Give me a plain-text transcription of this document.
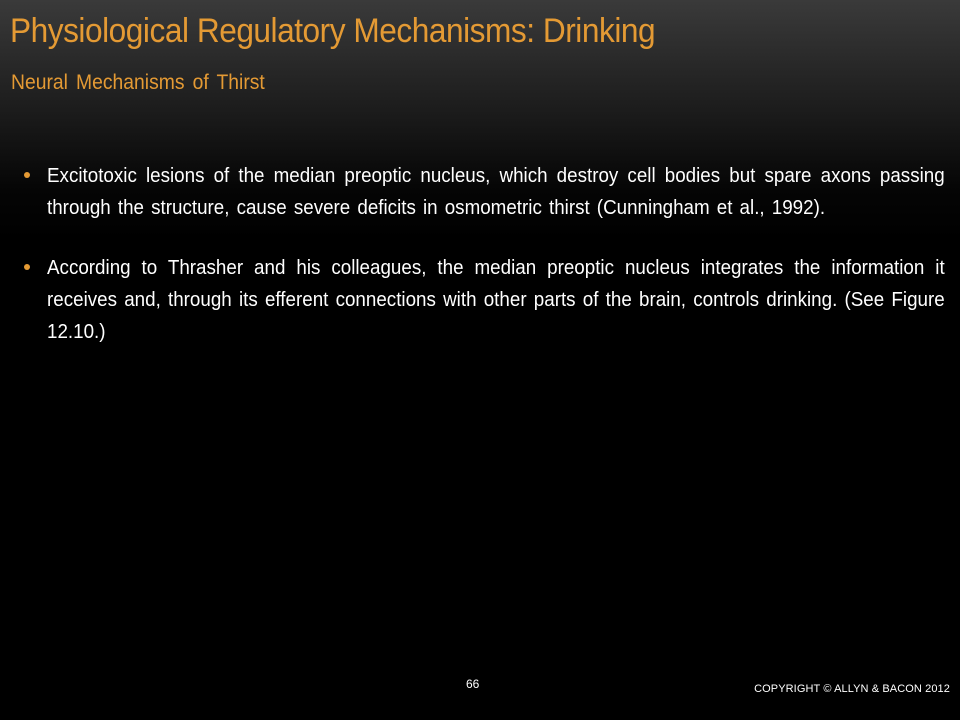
Physiological Regulatory Mechanisms: Drinking
Neural Mechanisms of Thirst
Excitotoxic lesions of the median preoptic nucleus, which destroy cell bodies but spare axons passing through the structure, cause severe deficits in osmometric thirst (Cunningham et al., 1992).
According to Thrasher and his colleagues, the median preoptic nucleus integrates the information it receives and, through its efferent connections with other parts of the brain, controls drinking. (See Figure 12.10.)
66	COPYRIGHT © ALLYN & BACON 2012
